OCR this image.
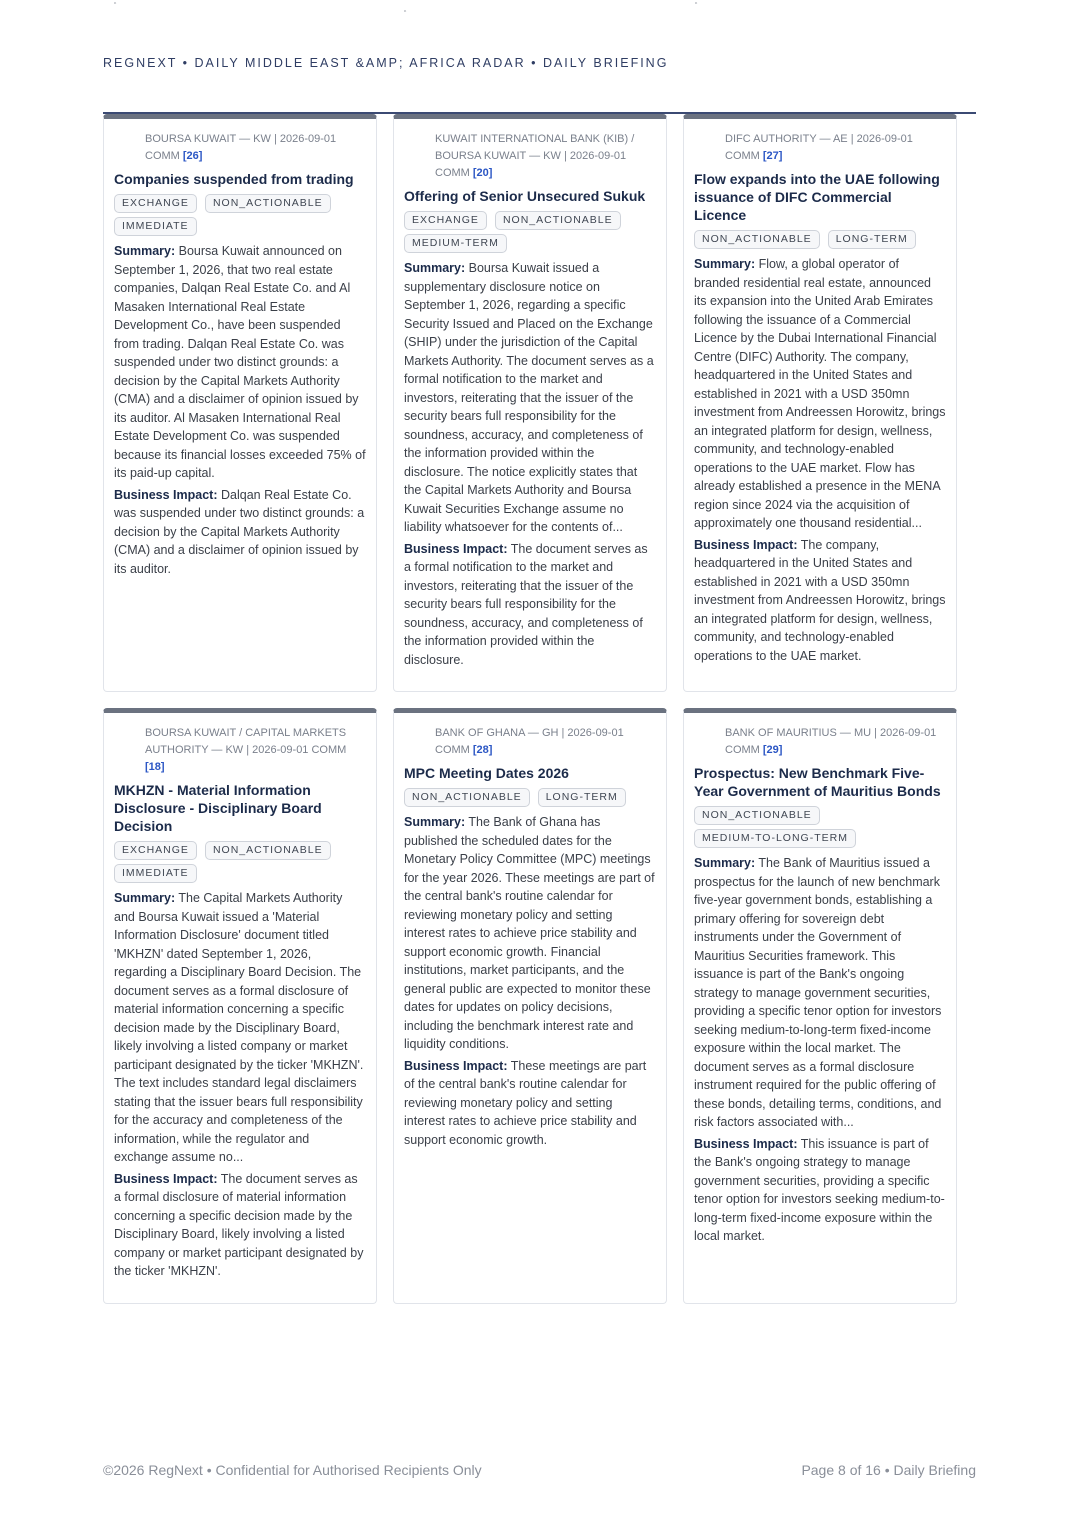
“
“
“
REGNEXT • DAILY MIDDLE EAST &AMP; AFRICA RADAR • DAILY BRIEFING
BOURSA KUWAIT — KW | 2026-09-01 COMM [26]
Companies suspended from trading
EXCHANGE	NON_ACTIONABLE
IMMEDIATE

Summary: Boursa Kuwait announced on September 1, 2026, that two real estate companies, Dalqan Real Estate Co. and Al Masaken International Real Estate Development Co., have been suspended from trading. Dalqan Real Estate Co. was suspended under two distinct grounds: a decision by the Capital Markets Authority (CMA) and a disclaimer of opinion issued by its auditor. Al Masaken International Real Estate Development Co. was suspended because its financial losses exceeded 75% of its paid-up capital.

Business Impact: Dalqan Real Estate Co. was suspended under two distinct grounds: a decision by the Capital Markets Authority (CMA) and a disclaimer of opinion issued by its auditor.

KUWAIT INTERNATIONAL BANK (KIB) / BOURSA KUWAIT — KW | 2026-09-01 COMM [20]
Offering of Senior Unsecured Sukuk
EXCHANGE	NON_ACTIONABLE
MEDIUM-TERM

Summary: Boursa Kuwait issued a supplementary disclosure notice on September 1, 2026, regarding a specific Security Issued and Placed on the Exchange (SHIP) under the jurisdiction of the Capital Markets Authority. The document serves as a formal notification to the market and investors, reiterating that the issuer of the security bears full responsibility for the soundness, accuracy, and completeness of the information provided within the disclosure. The notice explicitly states that the Capital Markets Authority and Boursa Kuwait Securities Exchange assume no liability whatsoever for the contents of...

Business Impact: The document serves as a formal notification to the market and investors, reiterating that the issuer of the security bears full responsibility for the soundness, accuracy, and completeness of the information provided within the disclosure.

DIFC AUTHORITY — AE | 2026-09-01 COMM [27]
Flow expands into the UAE following issuance of DIFC Commercial Licence
NON_ACTIONABLE	LONG-TERM

Summary: Flow, a global operator of branded residential real estate, announced its expansion into the United Arab Emirates following the issuance of a Commercial Licence by the Dubai International Financial Centre (DIFC) Authority. The company, headquartered in the United States and established in 2021 with a USD 350mn investment from Andreessen Horowitz, brings an integrated platform for design, wellness, community, and technology-enabled operations to the UAE market. Flow has already established a presence in the MENA region since 2024 via the acquisition of approximately one thousand residential...

Business Impact: The company, headquartered in the United States and established in 2021 with a USD 350mn investment from Andreessen Horowitz, brings an integrated platform for design, wellness, community, and technology-enabled operations to the UAE market.

BOURSA KUWAIT / CAPITAL MARKETS AUTHORITY — KW | 2026-09-01 COMM [18]
MKHZN - Material Information Disclosure - Disciplinary Board Decision
EXCHANGE	NON_ACTIONABLE
IMMEDIATE

Summary: The Capital Markets Authority and Boursa Kuwait issued a 'Material Information Disclosure' document titled 'MKHZN' dated September 1, 2026, regarding a Disciplinary Board Decision. The document serves as a formal disclosure of material information concerning a specific decision made by the Disciplinary Board, likely involving a listed company or market participant designated by the ticker 'MKHZN'. The text includes standard legal disclaimers stating that the issuer bears full responsibility for the accuracy and completeness of the information, while the regulator and exchange assume no...

Business Impact: The document serves as a formal disclosure of material information concerning a specific decision made by the Disciplinary Board, likely involving a listed company or market participant designated by the ticker 'MKHZN'.

BANK OF GHANA — GH | 2026-09-01 COMM [28]
MPC Meeting Dates 2026
NON_ACTIONABLE	LONG-TERM

Summary: The Bank of Ghana has published the scheduled dates for the Monetary Policy Committee (MPC) meetings for the year 2026. These meetings are part of the central bank's routine calendar for reviewing monetary policy and setting interest rates to achieve price stability and support economic growth. Financial institutions, market participants, and the general public are expected to monitor these dates for updates on policy decisions, including the benchmark interest rate and liquidity conditions.

Business Impact: These meetings are part of the central bank's routine calendar for reviewing monetary policy and setting interest rates to achieve price stability and support economic growth.

BANK OF MAURITIUS — MU | 2026-09-01 COMM [29]
Prospectus: New Benchmark Five-Year Government of Mauritius Bonds
NON_ACTIONABLE
MEDIUM-TO-LONG-TERM

Summary: The Bank of Mauritius issued a prospectus for the launch of new benchmark five-year government bonds, establishing a primary offering for sovereign debt instruments under the Government of Mauritius Securities framework. This issuance is part of the Bank's ongoing strategy to manage government securities, providing a specific tenor option for investors seeking medium-to-long-term fixed-income exposure within the local market. The document serves as a formal disclosure instrument required for the public offering of these bonds, detailing terms, conditions, and risk factors associated with...

Business Impact: This issuance is part of the Bank's ongoing strategy to manage government securities, providing a specific tenor option for investors seeking medium-to-long-term fixed-income exposure within the local market.

©2026 RegNext • Confidential for Authorised Recipients Only	Page 8 of 16 • Daily Briefing
